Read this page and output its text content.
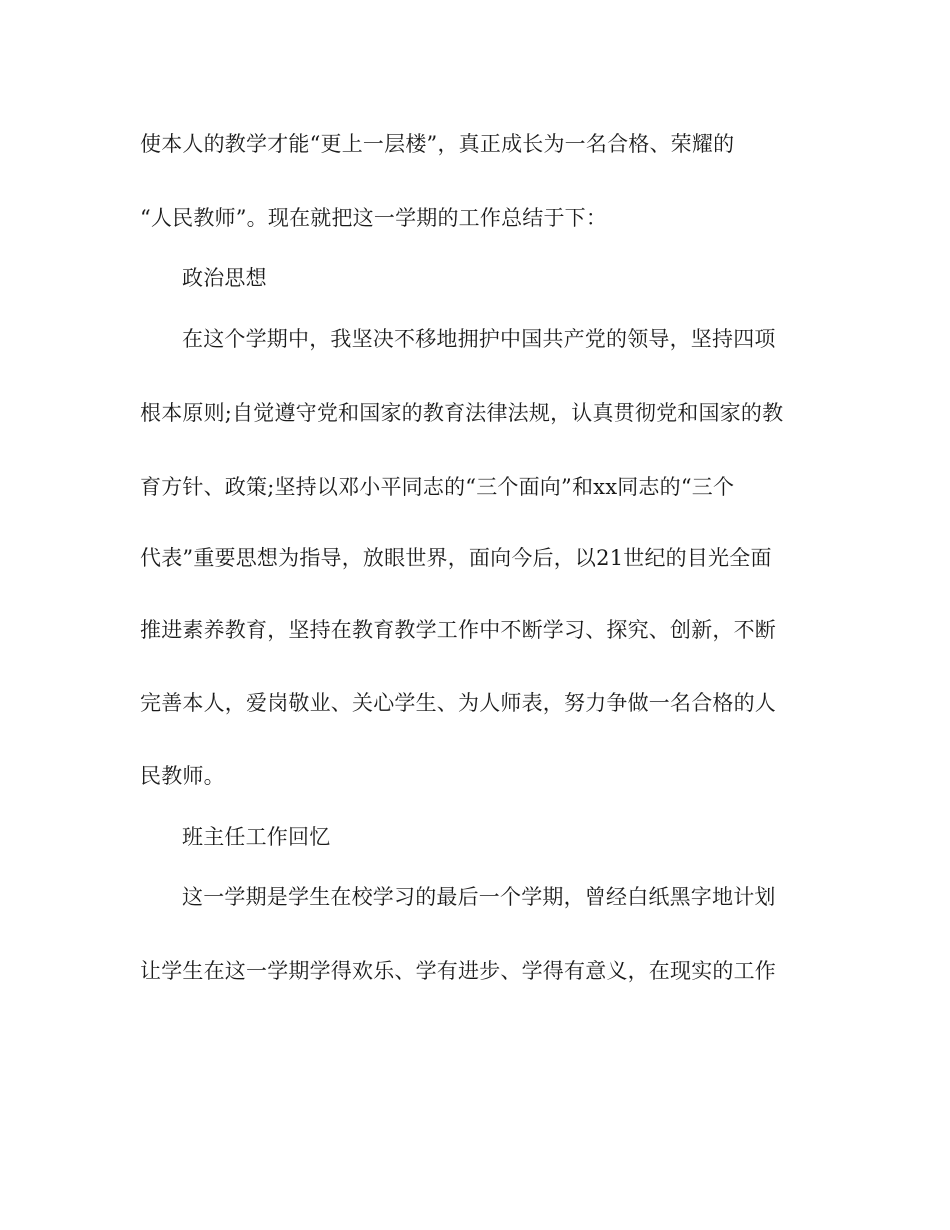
使本人的教学才能“更上一层楼”，真正成长为一名合格、荣耀的
“人民教师”。现在就把这一学期的工作总结于下：
政治思想
在这个学期中，我坚决不移地拥护中国共产党的领导，坚持四项
根本原则;自觉遵守党和国家的教育法律法规，认真贯彻党和国家的教
育方针、政策;坚持以邓小平同志的“三个面向”和xx同志的“三个
代表”重要思想为指导，放眼世界，面向今后，以21世纪的目光全面
推进素养教育，坚持在教育教学工作中不断学习、探究、创新，不断
完善本人，爱岗敬业、关心学生、为人师表，努力争做一名合格的人
民教师。
班主任工作回忆
这一学期是学生在校学习的最后一个学期，曾经白纸黑字地计划
让学生在这一学期学得欢乐、学有进步、学得有意义，在现实的工作
